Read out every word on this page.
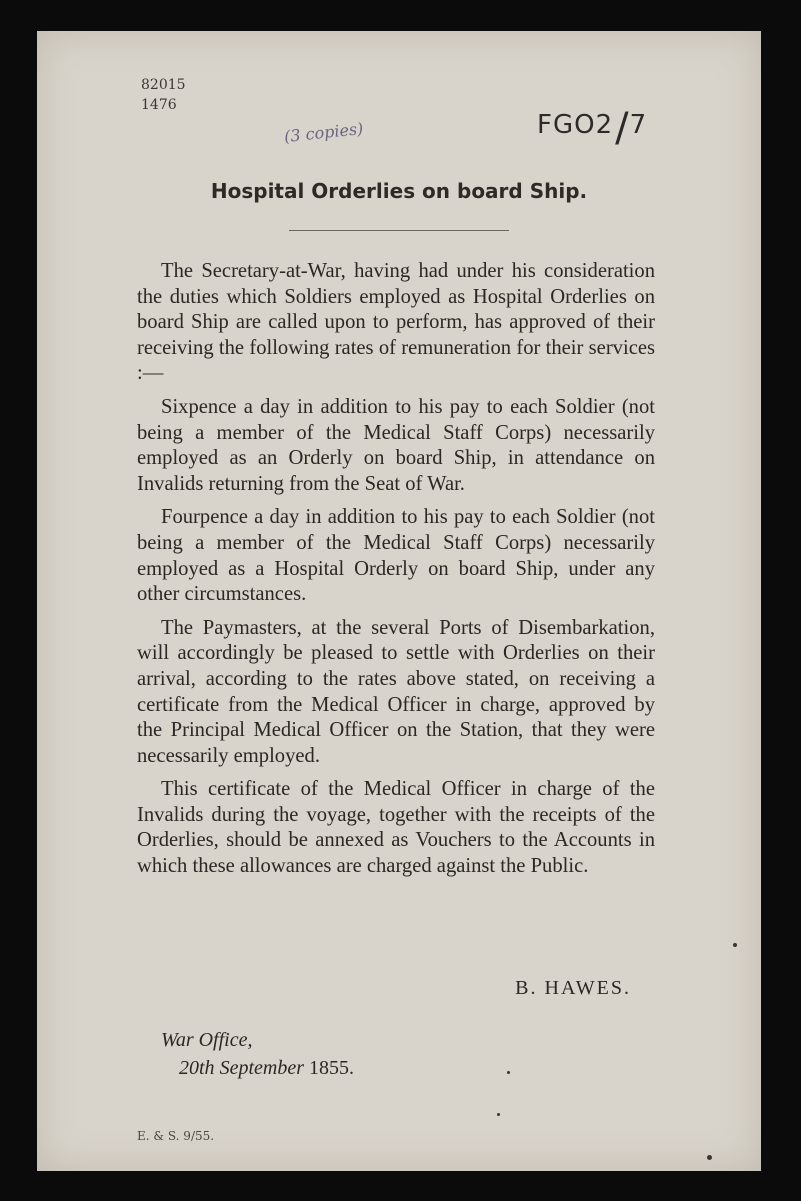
82015
1476
(3 copies)	FGO2/7
Hospital Orderlies on board Ship.

The Secretary-at-War, having had under his consideration the duties which Soldiers employed as Hospital Orderlies on board Ship are called upon to perform, has approved of their receiving the following rates of remuneration for their services :—

Sixpence a day in addition to his pay to each Soldier (not being a member of the Medical Staff Corps) necessarily employed as an Orderly on board Ship, in attendance on Invalids returning from the Seat of War.

Fourpence a day in addition to his pay to each Soldier (not being a member of the Medical Staff Corps) necessarily employed as a Hospital Orderly on board Ship, under any other circumstances.

The Paymasters, at the several Ports of Disembarkation, will accordingly be pleased to settle with Orderlies on their arrival, according to the rates above stated, on receiving a certificate from the Medical Officer in charge, approved by the Principal Medical Officer on the Station, that they were necessarily employed.

This certificate of the Medical Officer in charge of the Invalids during the voyage, together with the receipts of the Orderlies, should be annexed as Vouchers to the Accounts in which these allowances are charged against the Public.

B. HAWES.
War Office,
20th September 1855.
E. & S. 9/55.
